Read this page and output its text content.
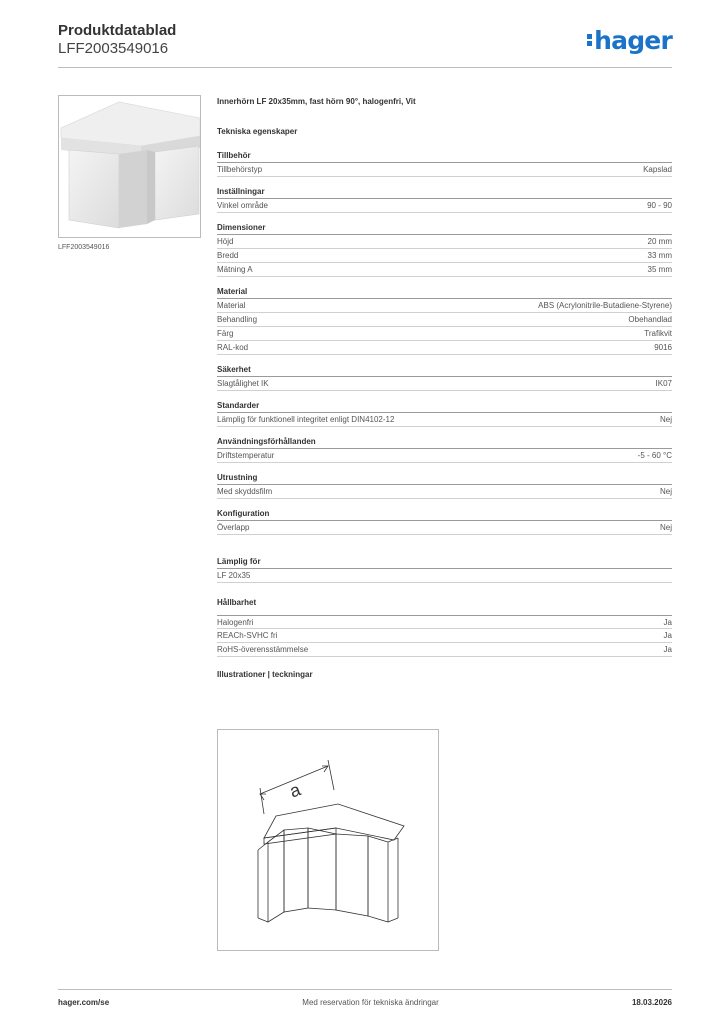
Produktdatablad
LFF2003549016	hager
LFF2003549016
Innerhörn LF 20x35mm, fast hörn 90°, halogenfri, Vit
Tekniska egenskaper
Tillbehör
Tillbehörstyp	Kapslad
Inställningar
Vinkel område	90 - 90
Dimensioner
Höjd	20 mm
Bredd	33 mm
Mätning A	35 mm
Material
Material	ABS (Acrylonitrile-Butadiene-Styrene)
Behandling	Obehandlad
Färg	Trafikvit
RAL-kod	9016
Säkerhet
Slagtålighet IK	IK07
Standarder
Lämplig för funktionell integritet enligt DIN4102-12	Nej
Användningsförhållanden
Driftstemperatur	-5 - 60 °C
Utrustning
Med skyddsfilm	Nej
Konfiguration
Överlapp	Nej
Lämplig för
LF 20x35
Hållbarhet
Halogenfri	Ja
REACh-SVHC fri	Ja
RoHS-överensstämmelse	Ja
Illustrationer | teckningar
a
hager.com/se	Med reservation för tekniska ändringar	18.03.2026
